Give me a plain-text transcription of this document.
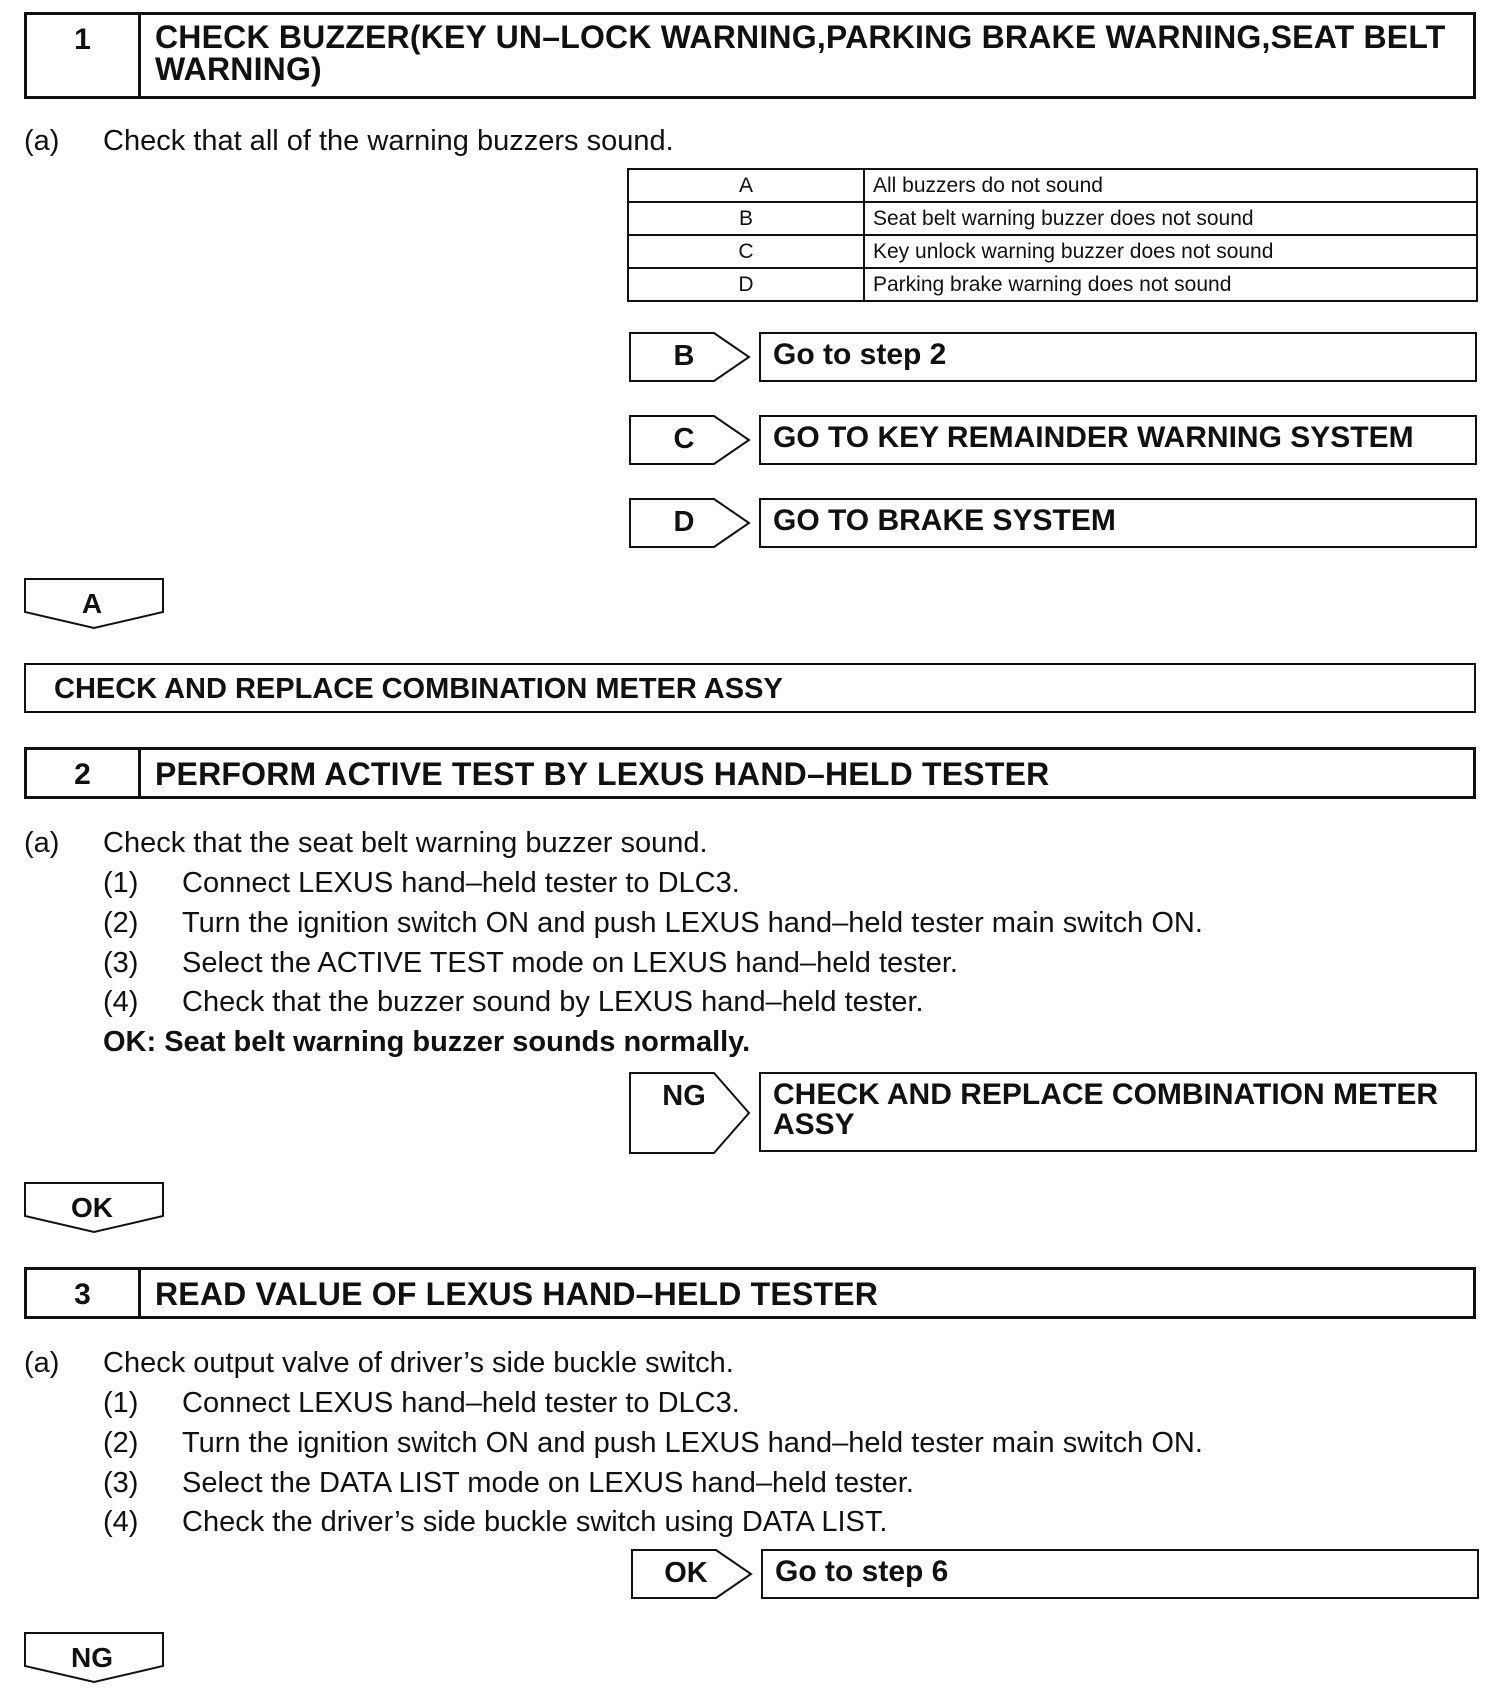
1	CHECK BUZZER(KEY UN–LOCK WARNING,PARKING BRAKE WARNING,SEAT BELT WARNING)
(a) Check that all of the warning buzzers sound.
A	All buzzers do not sound
B	Seat belt warning buzzer does not sound
C	Key unlock warning buzzer does not sound
D	Parking brake warning does not sound
B	Go to step 2
C	GO TO KEY REMAINDER WARNING SYSTEM
D	GO TO BRAKE SYSTEM
A
CHECK AND REPLACE COMBINATION METER ASSY
2	PERFORM ACTIVE TEST BY LEXUS HAND–HELD TESTER
(a) Check that the seat belt warning buzzer sound.
(1) Connect LEXUS hand–held tester to DLC3.
(2) Turn the ignition switch ON and push LEXUS hand–held tester main switch ON.
(3) Select the ACTIVE TEST mode on LEXUS hand–held tester.
(4) Check that the buzzer sound by LEXUS hand–held tester.
OK: Seat belt warning buzzer sounds normally.
NG	CHECK AND REPLACE COMBINATION METER
ASSY
OK
3	READ VALUE OF LEXUS HAND–HELD TESTER
(a) Check output valve of driver’s side buckle switch.
(1) Connect LEXUS hand–held tester to DLC3.
(2) Turn the ignition switch ON and push LEXUS hand–held tester main switch ON.
(3) Select the DATA LIST mode on LEXUS hand–held tester.
(4) Check the driver’s side buckle switch using DATA LIST.
OK	Go to step 6
NG
